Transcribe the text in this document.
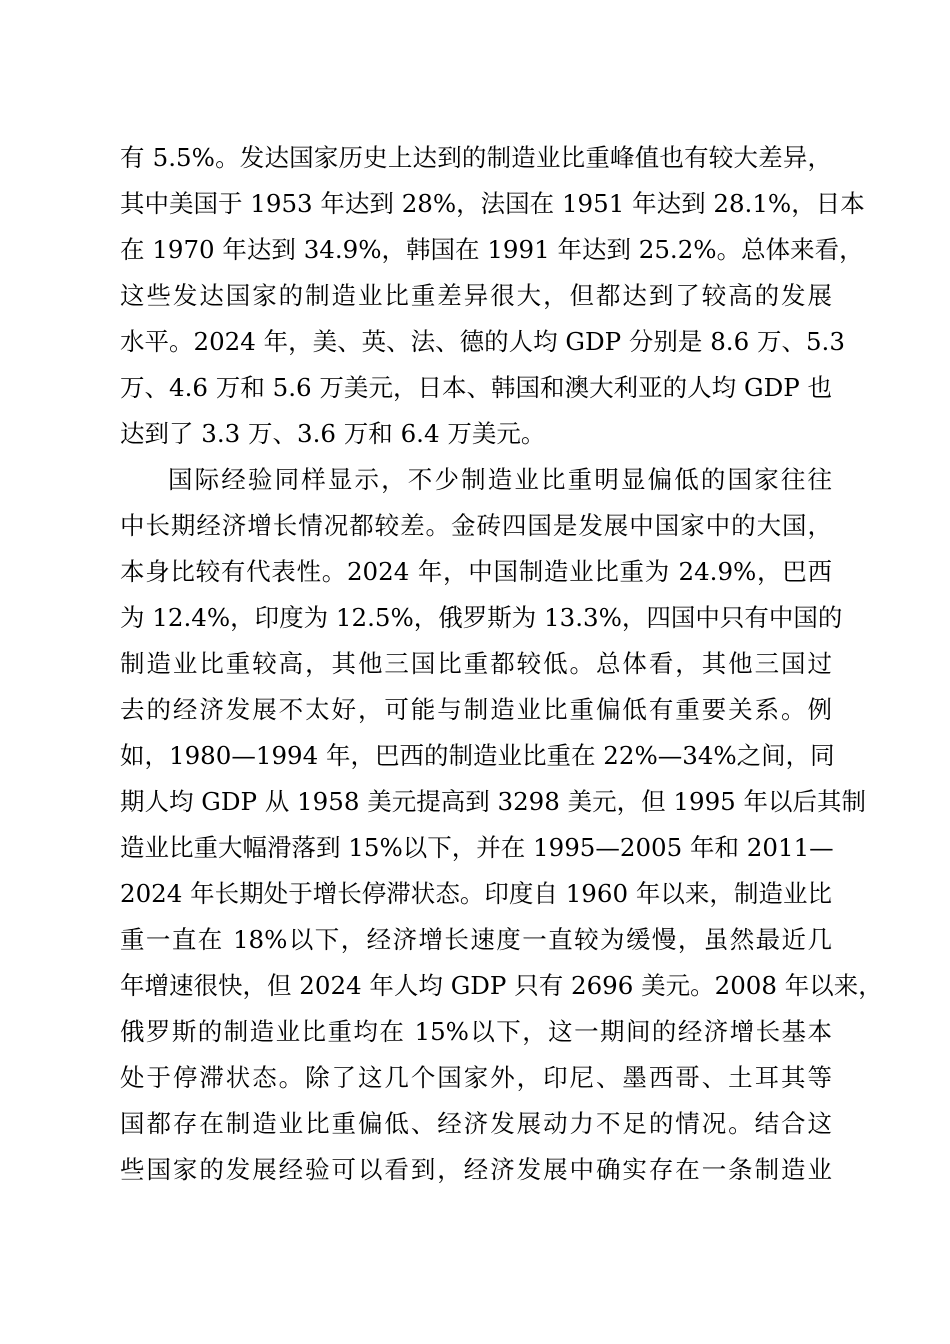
有 5.5%。发达国家历史上达到的制造业比重峰值也有较大差异，
其中美国于 1953 年达到 28%，法国在 1951 年达到 28.1%，日本
在 1970 年达到 34.9%，韩国在 1991 年达到 25.2%。总体来看，
这些发达国家的制造业比重差异很大，但都达到了较高的发展
水平。2024 年，美、英、法、德的人均 GDP 分别是 8.6 万、5.3
万、4.6 万和 5.6 万美元，日本、韩国和澳大利亚的人均 GDP 也
达到了 3.3 万、3.6 万和 6.4 万美元。
国际经验同样显示，不少制造业比重明显偏低的国家往往
中长期经济增长情况都较差。金砖四国是发展中国家中的大国，
本身比较有代表性。2024 年，中国制造业比重为 24.9%，巴西
为 12.4%，印度为 12.5%，俄罗斯为 13.3%，四国中只有中国的
制造业比重较高，其他三国比重都较低。总体看，其他三国过
去的经济发展不太好，可能与制造业比重偏低有重要关系。例
如，1980—1994 年，巴西的制造业比重在 22%—34%之间，同
期人均 GDP 从 1958 美元提高到 3298 美元，但 1995 年以后其制
造业比重大幅滑落到 15%以下，并在 1995—2005 年和 2011—
2024 年长期处于增长停滞状态。印度自 1960 年以来，制造业比
重一直在 18%以下，经济增长速度一直较为缓慢，虽然最近几
年增速很快，但 2024 年人均 GDP 只有 2696 美元。2008 年以来，
俄罗斯的制造业比重均在 15%以下，这一期间的经济增长基本
处于停滞状态。除了这几个国家外，印尼、墨西哥、土耳其等
国都存在制造业比重偏低、经济发展动力不足的情况。结合这
些国家的发展经验可以看到，经济发展中确实存在一条制造业
